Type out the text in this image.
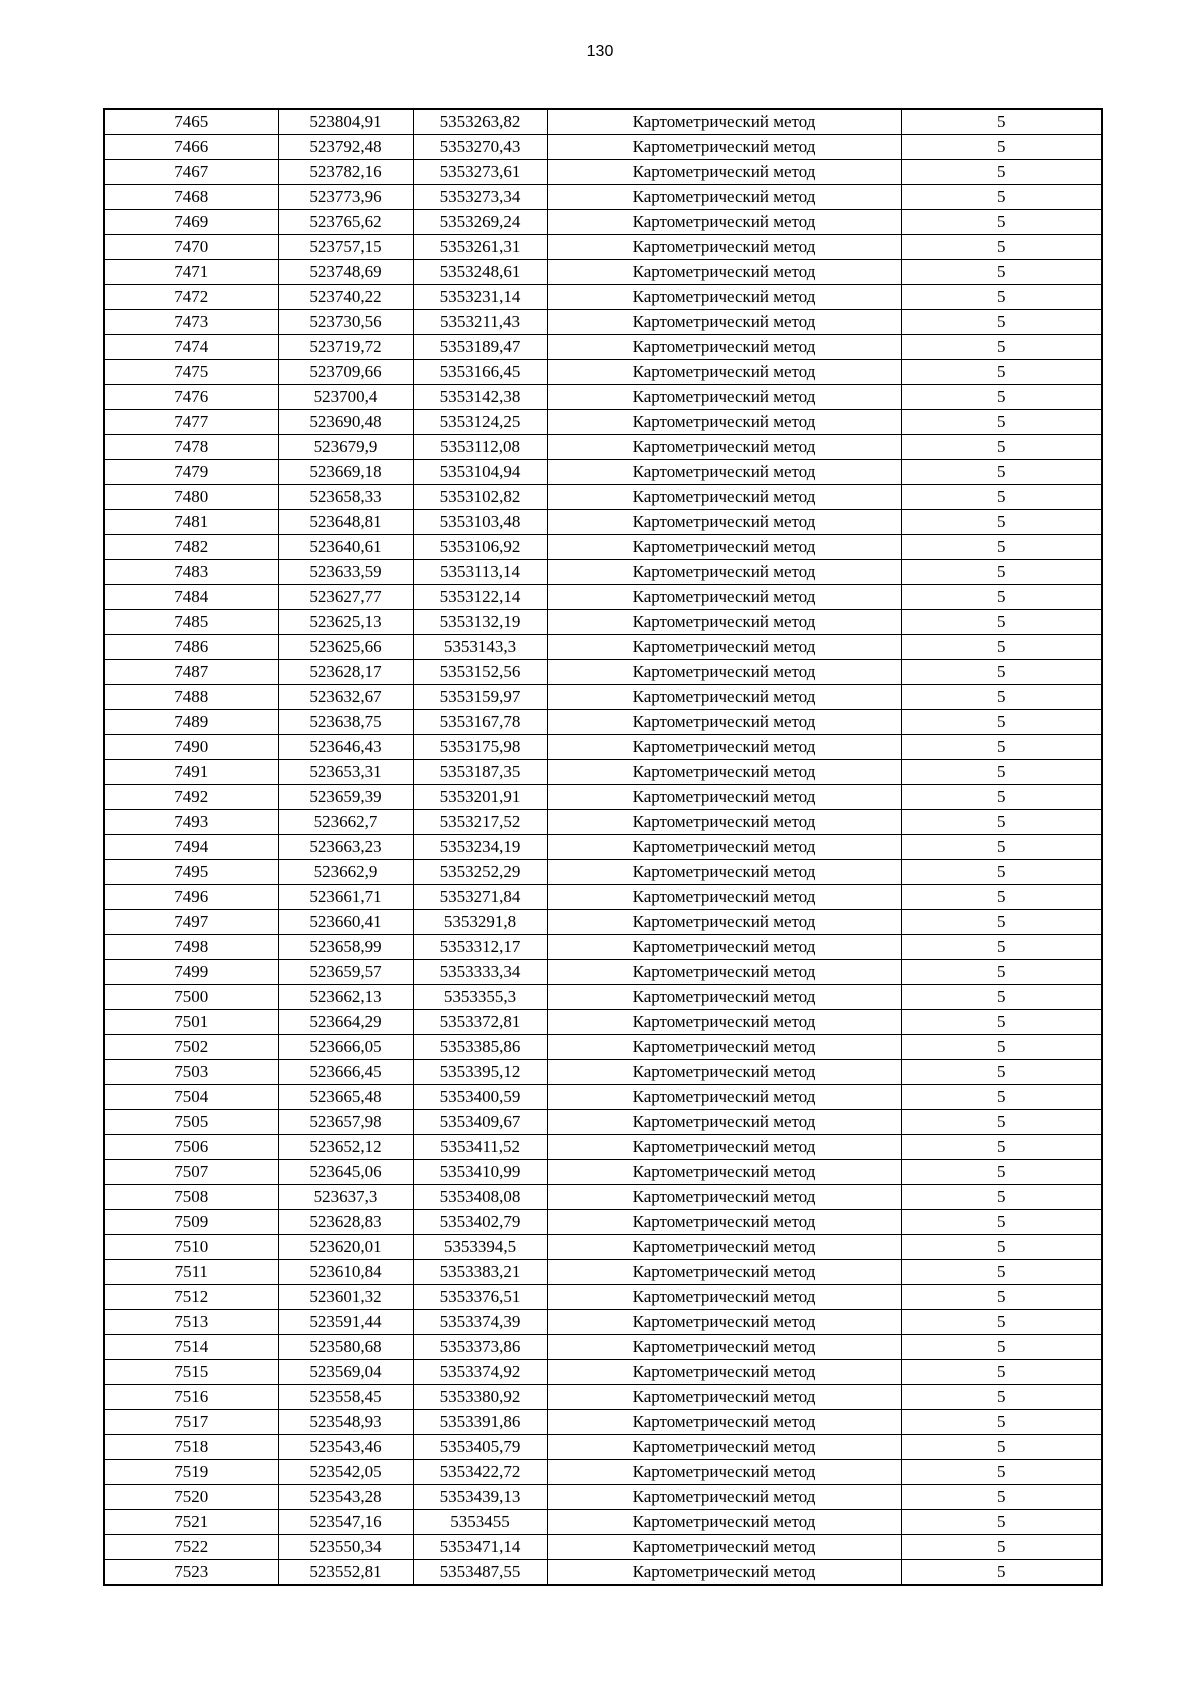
130
7465	523804,91	5353263,82	Картометрический метод	5
7466	523792,48	5353270,43	Картометрический метод	5
7467	523782,16	5353273,61	Картометрический метод	5
7468	523773,96	5353273,34	Картометрический метод	5
7469	523765,62	5353269,24	Картометрический метод	5
7470	523757,15	5353261,31	Картометрический метод	5
7471	523748,69	5353248,61	Картометрический метод	5
7472	523740,22	5353231,14	Картометрический метод	5
7473	523730,56	5353211,43	Картометрический метод	5
7474	523719,72	5353189,47	Картометрический метод	5
7475	523709,66	5353166,45	Картометрический метод	5
7476	523700,4	5353142,38	Картометрический метод	5
7477	523690,48	5353124,25	Картометрический метод	5
7478	523679,9	5353112,08	Картометрический метод	5
7479	523669,18	5353104,94	Картометрический метод	5
7480	523658,33	5353102,82	Картометрический метод	5
7481	523648,81	5353103,48	Картометрический метод	5
7482	523640,61	5353106,92	Картометрический метод	5
7483	523633,59	5353113,14	Картометрический метод	5
7484	523627,77	5353122,14	Картометрический метод	5
7485	523625,13	5353132,19	Картометрический метод	5
7486	523625,66	5353143,3	Картометрический метод	5
7487	523628,17	5353152,56	Картометрический метод	5
7488	523632,67	5353159,97	Картометрический метод	5
7489	523638,75	5353167,78	Картометрический метод	5
7490	523646,43	5353175,98	Картометрический метод	5
7491	523653,31	5353187,35	Картометрический метод	5
7492	523659,39	5353201,91	Картометрический метод	5
7493	523662,7	5353217,52	Картометрический метод	5
7494	523663,23	5353234,19	Картометрический метод	5
7495	523662,9	5353252,29	Картометрический метод	5
7496	523661,71	5353271,84	Картометрический метод	5
7497	523660,41	5353291,8	Картометрический метод	5
7498	523658,99	5353312,17	Картометрический метод	5
7499	523659,57	5353333,34	Картометрический метод	5
7500	523662,13	5353355,3	Картометрический метод	5
7501	523664,29	5353372,81	Картометрический метод	5
7502	523666,05	5353385,86	Картометрический метод	5
7503	523666,45	5353395,12	Картометрический метод	5
7504	523665,48	5353400,59	Картометрический метод	5
7505	523657,98	5353409,67	Картометрический метод	5
7506	523652,12	5353411,52	Картометрический метод	5
7507	523645,06	5353410,99	Картометрический метод	5
7508	523637,3	5353408,08	Картометрический метод	5
7509	523628,83	5353402,79	Картометрический метод	5
7510	523620,01	5353394,5	Картометрический метод	5
7511	523610,84	5353383,21	Картометрический метод	5
7512	523601,32	5353376,51	Картометрический метод	5
7513	523591,44	5353374,39	Картометрический метод	5
7514	523580,68	5353373,86	Картометрический метод	5
7515	523569,04	5353374,92	Картометрический метод	5
7516	523558,45	5353380,92	Картометрический метод	5
7517	523548,93	5353391,86	Картометрический метод	5
7518	523543,46	5353405,79	Картометрический метод	5
7519	523542,05	5353422,72	Картометрический метод	5
7520	523543,28	5353439,13	Картометрический метод	5
7521	523547,16	5353455	Картометрический метод	5
7522	523550,34	5353471,14	Картометрический метод	5
7523	523552,81	5353487,55	Картометрический метод	5
